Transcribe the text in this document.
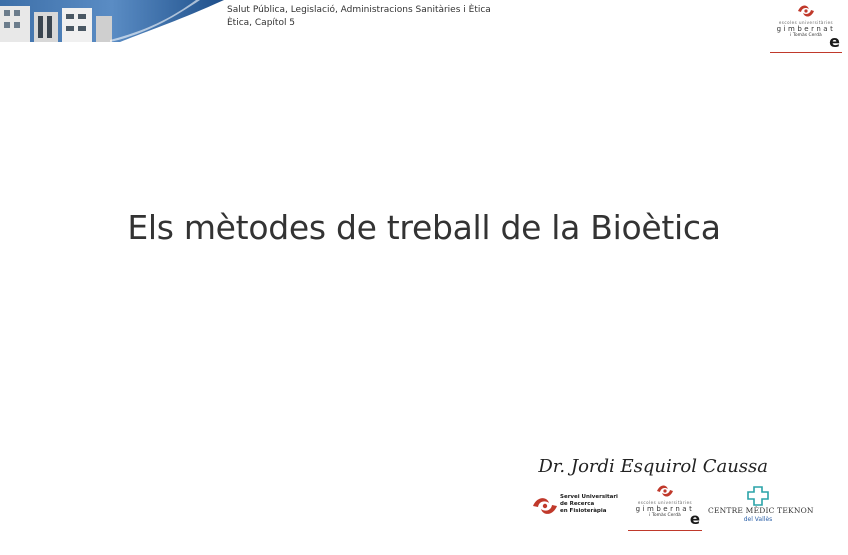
Salut Pública, Legislació, Administracions Sanitàries i Ètica
Ètica, Capítol 5	escoles universitàries
gimbernat
i Tomàs Cerdà e
Els mètodes de treball de la Bioètica
Dr. Jordi Esquirol Caussa
Servei Universitari
de Recerca
en Fisioteràpia
escoles universitàries
gimbernat
i Tomàs Cerdà e CENTRE MÈDIC TEKNON
del Vallès
